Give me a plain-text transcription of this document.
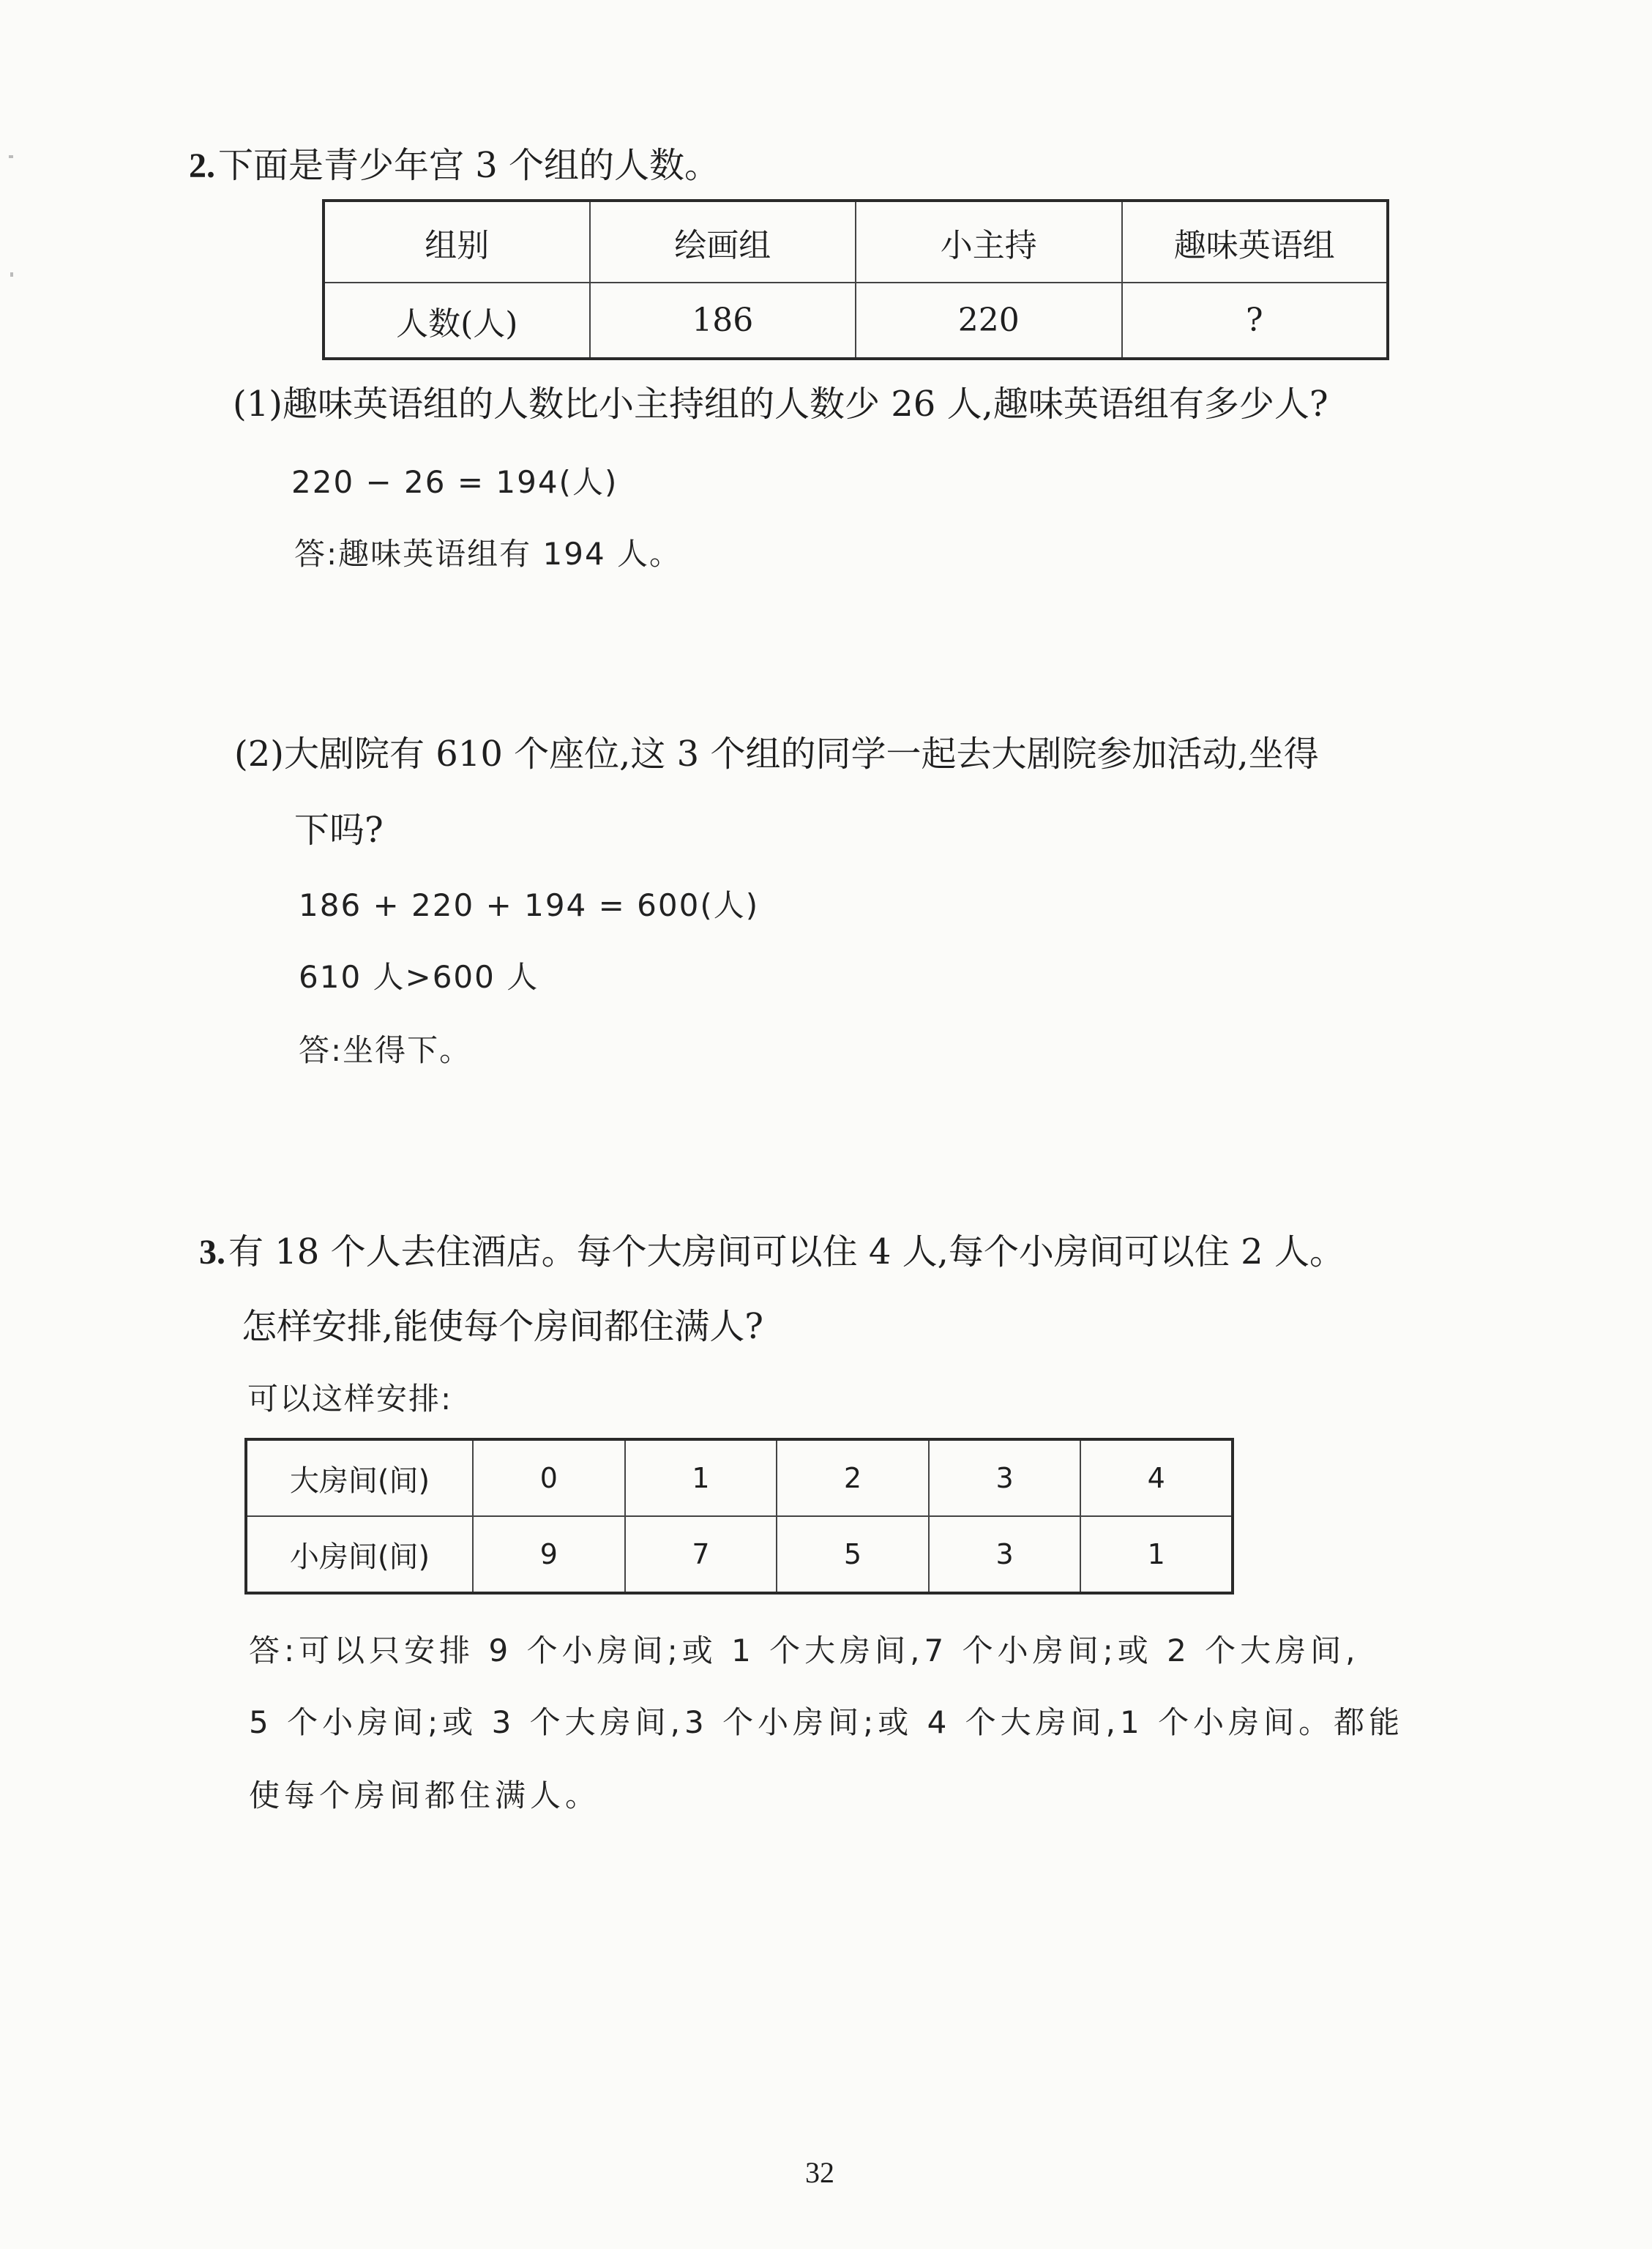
2.下面是青少年宫 3 个组的人数。
组别	绘画组	小主持	趣味英语组
人数(人)	186	220	?
(1)趣味英语组的人数比小主持组的人数少 26 人,趣味英语组有多少人?
220 − 26 = 194(人)
答:趣味英语组有 194 人。
(2)大剧院有 610 个座位,这 3 个组的同学一起去大剧院参加活动,坐得
下吗?
186 + 220 + 194 = 600(人)
610 人>600 人
答:坐得下。
3.有 18 个人去住酒店。每个大房间可以住 4 人,每个小房间可以住 2 人。
怎样安排,能使每个房间都住满人?
可以这样安排:
大房间(间)	0	1	2	3	4
小房间(间)	9	7	5	3	1
答:可以只安排 9 个小房间;或 1 个大房间,7 个小房间;或 2 个大房间,
5 个小房间;或 3 个大房间,3 个小房间;或 4 个大房间,1 个小房间。都能
使每个房间都住满人。
32
